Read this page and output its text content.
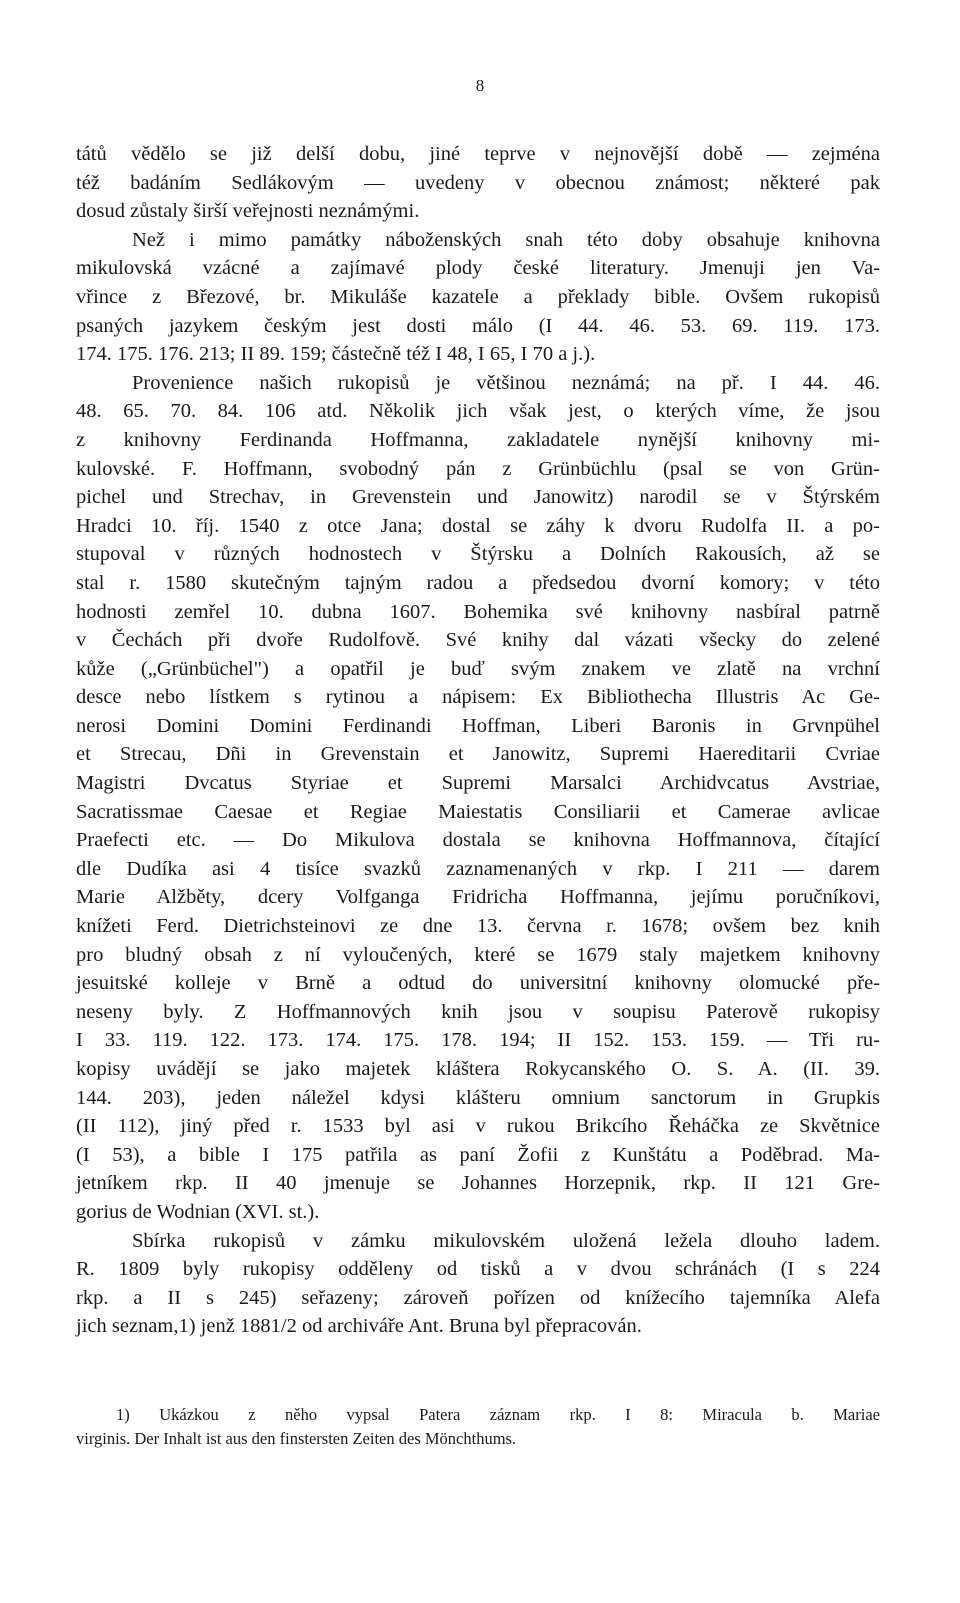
8
tátů vědělo se již delší dobu, jiné teprve v nejnovější době — zejména
též badáním Sedlákovým — uvedeny v obecnou známost; některé pak
dosud zůstaly širší veřejnosti neznámými.
Než i mimo památky náboženských snah této doby obsahuje knihovna
mikulovská vzácné a zajímavé plody české literatury. Jmenuji jen Va-
vřince z Březové, br. Mikuláše kazatele a překlady bible. Ovšem rukopisů
psaných jazykem českým jest dosti málo (I 44. 46. 53. 69. 119. 173.
174. 175. 176. 213; II 89. 159; částečně též I 48, I 65, I 70 a j.).
Provenience našich rukopisů je většinou neznámá; na př. I 44. 46.
48. 65. 70. 84. 106 atd. Několik jich však jest, o kterých víme, že jsou
z knihovny Ferdinanda Hoffmanna, zakladatele nynější knihovny mi-
kulovské. F. Hoffmann, svobodný pán z Grünbüchlu (psal se von Grün-
pichel und Strechav, in Grevenstein und Janowitz) narodil se v Štýrském
Hradci 10. říj. 1540 z otce Jana; dostal se záhy k dvoru Rudolfa II. a po-
stupoval v různých hodnostech v Štýrsku a Dolních Rakousích, až se
stal r. 1580 skutečným tajným radou a předsedou dvorní komory; v této
hodnosti zemřel 10. dubna 1607. Bohemika své knihovny nasbíral patrně
v Čechách při dvoře Rudolfově. Své knihy dal vázati všecky do zelené
kůže („Grünbüchel") a opatřil je buď svým znakem ve zlatě na vrchní
desce nebo lístkem s rytinou a nápisem: Ex Bibliothecha Illustris Ac Ge-
nerosi Domini Domini Ferdinandi Hoffman, Liberi Baronis in Grvnpühel
et Strecau, Dñi in Grevenstain et Janowitz, Supremi Haereditarii Cvriae
Magistri Dvcatus Styriae et Supremi Marsalci Archidvcatus Avstriae,
Sacratissmae Caesae et Regiae Maiestatis Consiliarii et Camerae avlicae
Praefecti etc. — Do Mikulova dostala se knihovna Hoffmannova, čítající
dle Dudíka asi 4 tisíce svazků zaznamenaných v rkp. I 211 — darem
Marie Alžběty, dcery Volfganga Fridricha Hoffmanna, jejímu poručníkovi,
knížeti Ferd. Dietrichsteinovi ze dne 13. června r. 1678; ovšem bez knih
pro bludný obsah z ní vyloučených, které se 1679 staly majetkem knihovny
jesuitské kolleje v Brně a odtud do universitní knihovny olomucké pře-
neseny byly. Z Hoffmannových knih jsou v soupisu Paterově rukopisy
I 33. 119. 122. 173. 174. 175. 178. 194; II 152. 153. 159. — Tři ru-
kopisy uvádějí se jako majetek kláštera Rokycanského O. S. A. (II. 39.
144. 203), jeden náležel kdysi klášteru omnium sanctorum in Grupkis
(II 112), jiný před r. 1533 byl asi v rukou Brikcího Řeháčka ze Skvětnice
(I 53), a bible I 175 patřila as paní Žofii z Kunštátu a Poděbrad. Ma-
jetníkem rkp. II 40 jmenuje se Johannes Horzepnik, rkp. II 121 Gre-
gorius de Wodnian (XVI. st.).
Sbírka rukopisů v zámku mikulovském uložená ležela dlouho ladem.
R. 1809 byly rukopisy odděleny od tisků a v dvou schránách (I s 224
rkp. a II s 245) seřazeny; zároveň pořízen od knížecího tajemníka Alefa
jich seznam,1) jenž 1881/2 od archiváře Ant. Bruna byl přepracován.
1) Ukázkou z něho vypsal Patera záznam rkp. I 8: Miracula b. Mariae
virginis. Der Inhalt ist aus den finstersten Zeiten des Mönchthums.
